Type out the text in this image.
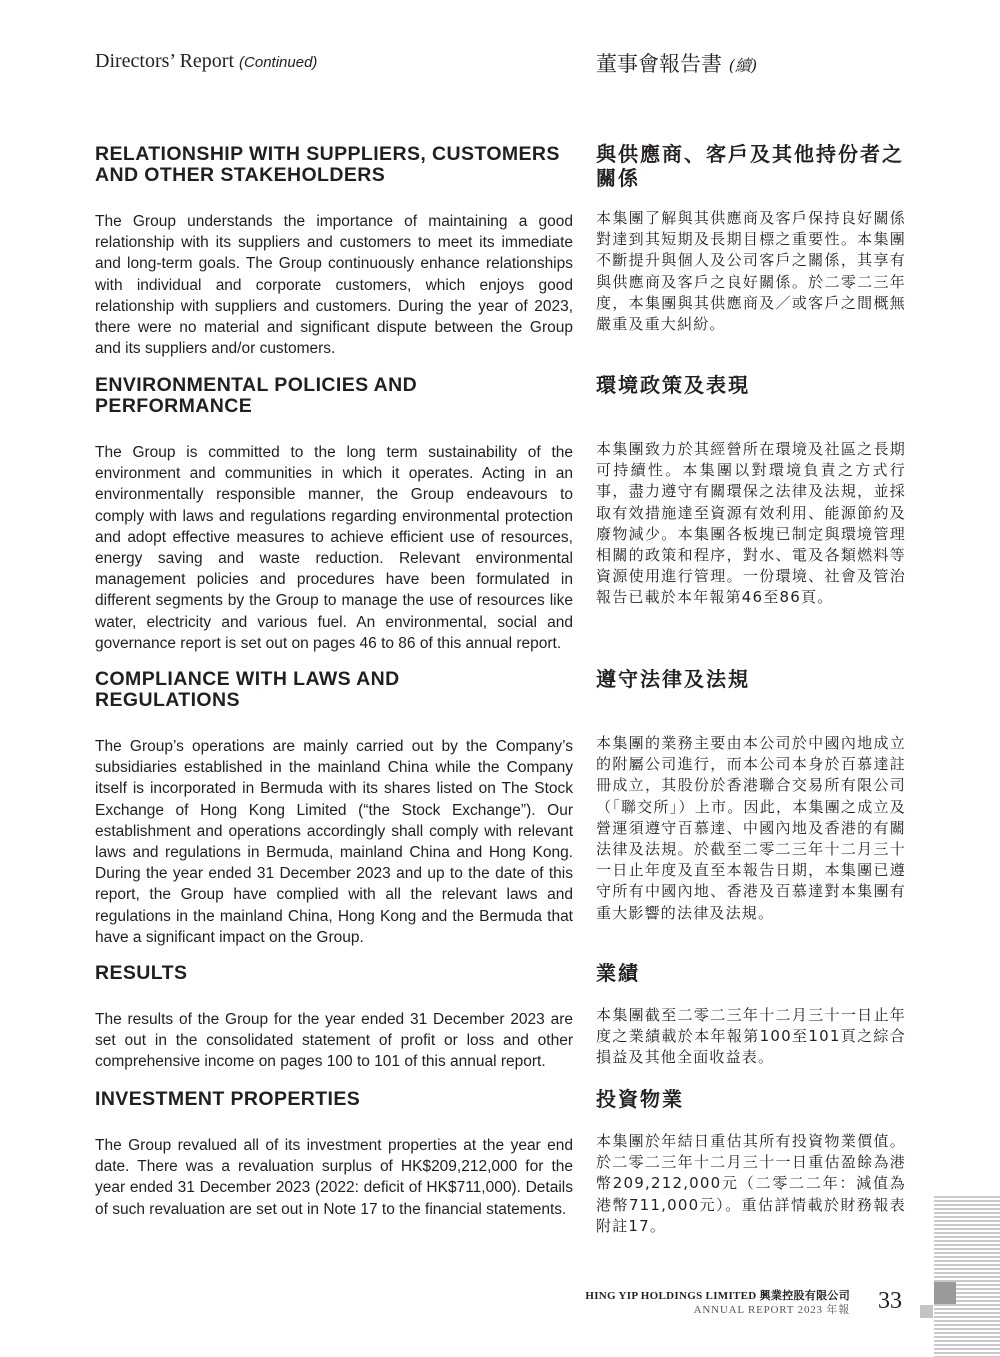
Directors’ Report (Continued)	董事會報告書 (續)
RELATIONSHIP WITH SUPPLIERS, CUSTOMERS AND OTHER STAKEHOLDERS

The Group understands the importance of maintaining a good relationship with its suppliers and customers to meet its immediate and long-term goals. The Group continuously enhance relationships with individual and corporate customers, which enjoys good relationship with suppliers and customers. During the year of 2023, there were no material and significant dispute between the Group and its suppliers and/or customers.

與供應商、客戶及其他持份者之關係

本集團了解與其供應商及客戶保持良好關係對達到其短期及長期目標之重要性。本集團不斷提升與個人及公司客戶之關係，其享有與供應商及客戶之良好關係。於二零二三年度，本集團與其供應商及／或客戶之間概無嚴重及重大糾紛。

ENVIRONMENTAL POLICIES AND PERFORMANCE

The Group is committed to the long term sustainability of the environment and communities in which it operates. Acting in an environmentally responsible manner, the Group endeavours to comply with laws and regulations regarding environmental protection and adopt effective measures to achieve efficient use of resources, energy saving and waste reduction. Relevant environmental management policies and procedures have been formulated in different segments by the Group to manage the use of resources like water, electricity and various fuel. An environmental, social and governance report is set out on pages 46 to 86 of this annual report.

環境政策及表現

本集團致力於其經營所在環境及社區之長期可持續性。本集團以對環境負責之方式行事，盡力遵守有關環保之法律及法規，並採取有效措施達至資源有效利用、能源節約及廢物減少。本集團各板塊已制定與環境管理相關的政策和程序，對水、電及各類燃料等資源使用進行管理。一份環境、社會及管治報告已載於本年報第46至86頁。

COMPLIANCE WITH LAWS AND REGULATIONS

The Group’s operations are mainly carried out by the Company’s subsidiaries established in the mainland China while the Company itself is incorporated in Bermuda with its shares listed on The Stock Exchange of Hong Kong Limited (“the Stock Exchange”). Our establishment and operations accordingly shall comply with relevant laws and regulations in Bermuda, mainland China and Hong Kong. During the year ended 31 December 2023 and up to the date of this report, the Group have complied with all the relevant laws and regulations in the mainland China, Hong Kong and the Bermuda that have a significant impact on the Group.

遵守法律及法規

本集團的業務主要由本公司於中國內地成立的附屬公司進行，而本公司本身於百慕達註冊成立，其股份於香港聯合交易所有限公司（「聯交所」）上市。因此，本集團之成立及營運須遵守百慕達、中國內地及香港的有關法律及法規。於截至二零二三年十二月三十一日止年度及直至本報告日期，本集團已遵守所有中國內地、香港及百慕達對本集團有重大影響的法律及法規。

RESULTS

The results of the Group for the year ended 31 December 2023 are set out in the consolidated statement of profit or loss and other comprehensive income on pages 100 to 101 of this annual report.

業績

本集團截至二零二三年十二月三十一日止年度之業績載於本年報第100至101頁之綜合損益及其他全面收益表。

INVESTMENT PROPERTIES

The Group revalued all of its investment properties at the year end date. There was a revaluation surplus of HK$209,212,000 for the year ended 31 December 2023 (2022: deficit of HK$711,000). Details of such revaluation are set out in Note 17 to the financial statements.

投資物業

本集團於年結日重估其所有投資物業價值。於二零二三年十二月三十一日重估盈餘為港幣209,212,000元（二零二二年：減值為港幣711,000元）。重估詳情載於財務報表附註17。

HING YIP HOLDINGS LIMITED 興業控股有限公司
ANNUAL REPORT 2023 年報 33
